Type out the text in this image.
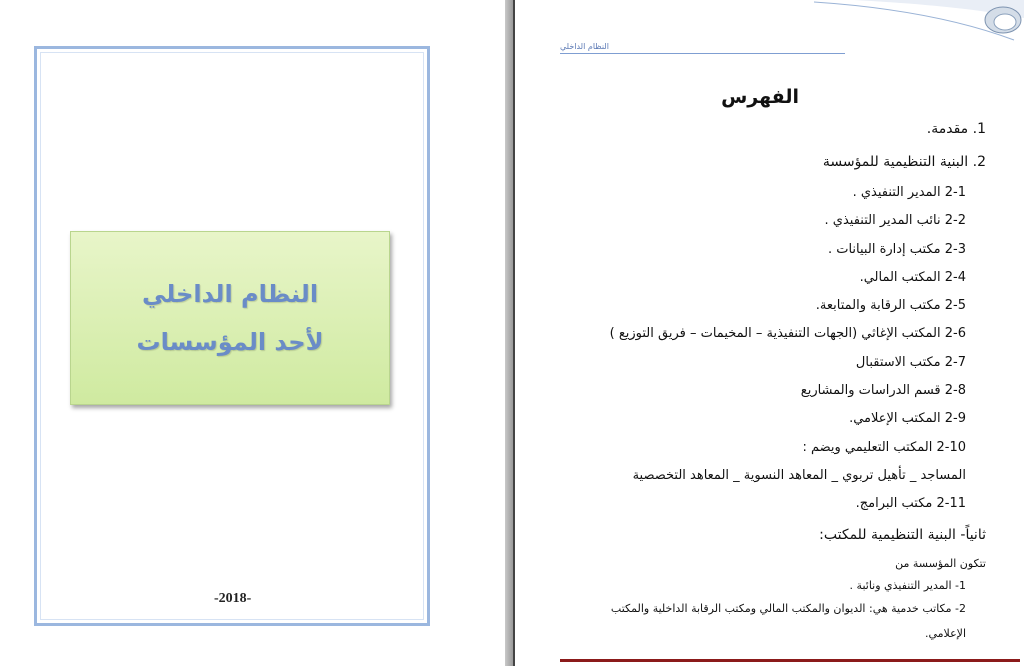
النظام الداخلي
لأحد المؤسسات
-2018-
النظام الداخلي
الفهرس
1. مقدمة.
2. البنية التنظيمية للمؤسسة
2-1 المدير التنفيذي .
2-2 نائب المدير التنفيذي .
2-3 مكتب إدارة البيانات .
2-4 المكتب المالي.
2-5 مكتب الرقابة والمتابعة.
2-6 المكتب الإغاثي (الجهات التنفيذية – المخيمات – فريق التوزيع )
2-7 مكتب الاستقبال
2-8 قسم الدراسات والمشاريع
2-9 المكتب الإعلامي.
2-10 المكتب التعليمي ويضم :
المساجد _ تأهيل تربوي _ المعاهد النسوية _ المعاهد التخصصية
2-11 مكتب البرامج.
ثانياً- البنية التنظيمية للمكتب:
تتكون المؤسسة من
1- المدير التنفيذي ونائبة .
2- مكاتب خدمية هي: الديوان والمكتب المالي ومكتب الرقابة الداخلية والمكتب
الإعلامي.
